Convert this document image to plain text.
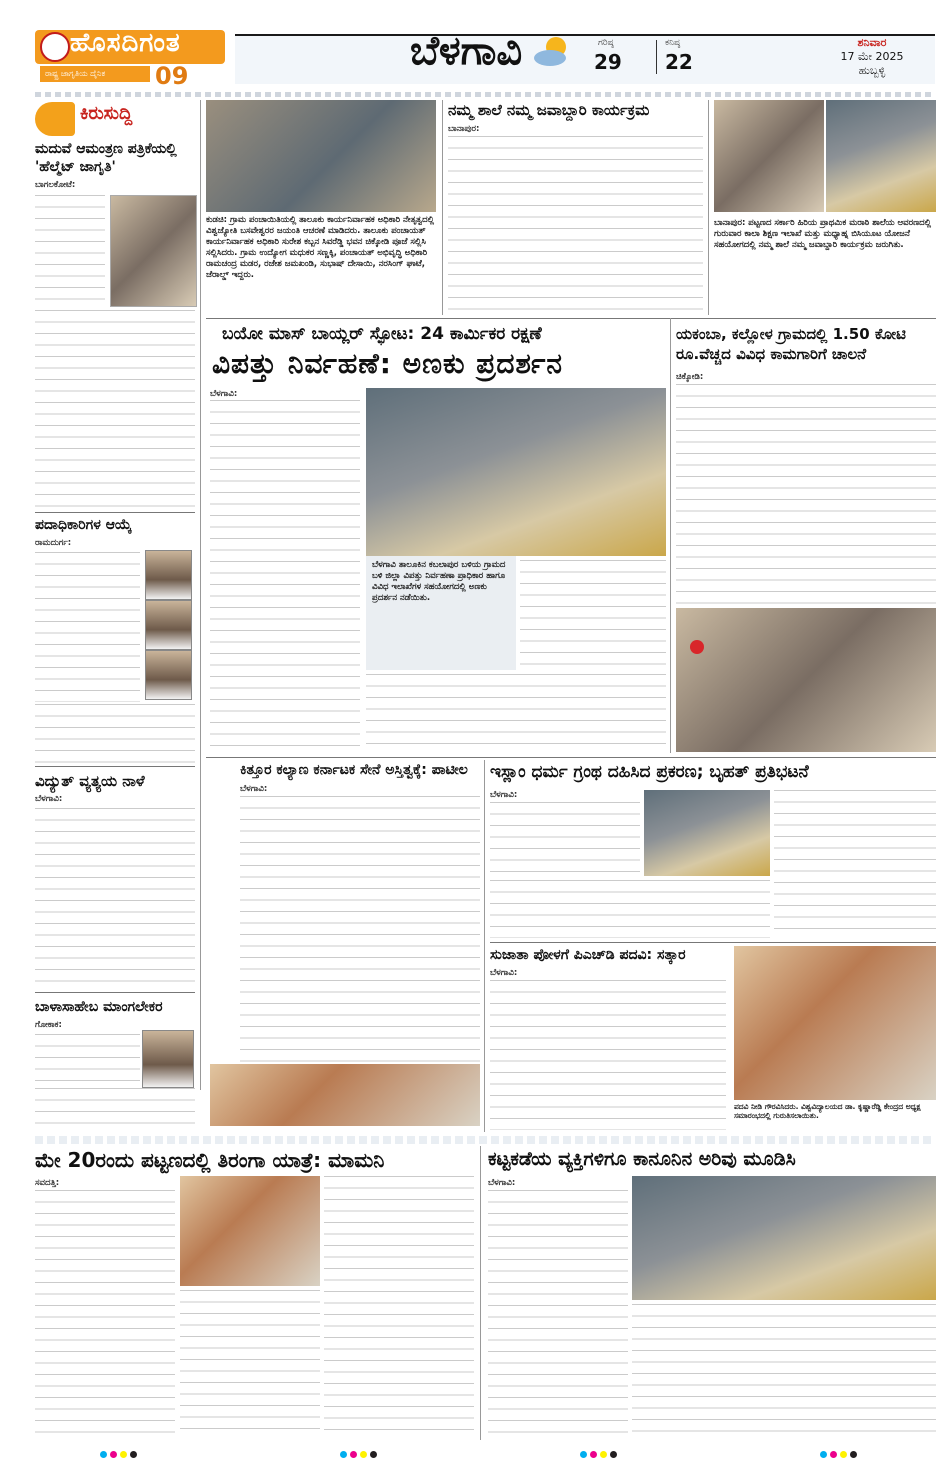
ಹೊಸದಿಗಂತ
ರಾಷ್ಟ್ರ ಜಾಗೃತಿಯ ದೈನಿಕ 09
ಬೆಳಗಾವಿ	ಗರಿಷ್ಠ
29
ಕನಿಷ್ಠ
22
ಶನಿವಾರ
17 ಮೇ 2025
ಹುಬ್ಬಳ್ಳಿ
ಕಿರುಸುದ್ದಿ
ಮದುವೆ ಆಮಂತ್ರಣ ಪತ್ರಿಕೆಯಲ್ಲಿ 'ಹೆಲ್ಮೆಟ್ ಜಾಗೃತಿ'
ಬಾಗಲಕೋಟೆ:
ಪದಾಧಿಕಾರಿಗಳ ಆಯ್ಕೆ
ರಾಮದುರ್ಗ:
ವಿದ್ಯುತ್ ವ್ಯತ್ಯಯ ನಾಳೆ
ಬೆಳಗಾವಿ:
ಬಾಳಾಸಾಹೇಬ ಮಾಂಗಲೇಕರ
ಗೋಕಾಕ:
ಕುಡಚಿ: ಗ್ರಾಮ ಪಂಚಾಯಿತಿಯಲ್ಲಿ ತಾಲೂಕು ಕಾರ್ಯನಿರ್ವಾಹಕ ಅಧಿಕಾರಿ ನೇತೃತ್ವದಲ್ಲಿ ವಿಶ್ವಜ್ಯೋತಿ ಬಸವೇಶ್ವರರ ಜಯಂತಿ ಆಚರಣೆ ಮಾಡಿದರು. ತಾಲೂಕು ಪಂಚಾಯತ್ ಕಾರ್ಯನಿರ್ವಾಹಕ ಅಧಿಕಾರಿ ಸುರೇಶ ಕಬ್ಬನ ಸಿವರೆಡ್ಡಿ ಭವನ ಚಿಕ್ಕೋಡಿ ಪೂಜೆ ಸಲ್ಲಿಸಿ ಸಲ್ಲಿಸಿದರು. ಗ್ರಾಮ ಉದ್ಯೋಗ ಮಧುಕರ ಸಣ್ಣಕ್ಕಿ, ಪಂಚಾಯತ್ ಅಭಿವೃದ್ಧಿ ಅಧಿಕಾರಿ ರಾಮಚಂದ್ರ ಮಡರ, ರಜೇಶ ಜಮಖಂಡಿ, ಸುಭಾಷ್ ದೇಸಾಯಿ, ನರಸಿಂಗ್ ಘಾಟೆ, ಜೆರಾಲ್ಡ್ ಇದ್ದರು.
ನಮ್ಮ ಶಾಲೆ ನಮ್ಮ ಜವಾಬ್ದಾರಿ ಕಾರ್ಯಕ್ರಮ
ಬಾನಾಪುರ:
ಬಾನಾಪುರ: ಪಟ್ಟಣದ ಸರ್ಕಾರಿ ಹಿರಿಯ ಪ್ರಾಥಮಿಕ ಮರಾಠಿ ಶಾಲೆಯ ಆವರಣದಲ್ಲಿ ಗುರುವಾರ ಕಾಲಾ ಶಿಕ್ಷಣ ಇಲಾಖೆ ಮತ್ತು ಮಧ್ಯಾಹ್ನ ಬಿಸಿಯೂಟ ಯೋಜನೆ ಸಹಯೋಗದಲ್ಲಿ ನಮ್ಮ ಶಾಲೆ ನಮ್ಮ ಜವಾಬ್ದಾರಿ ಕಾರ್ಯಕ್ರಮ ಜರುಗಿತು.
ಬಯೋ ಮಾಸ್ ಬಾಯ್ಲರ್ ಸ್ಫೋಟ: 24 ಕಾರ್ಮಿಕರ ರಕ್ಷಣೆ
ವಿಪತ್ತು ನಿರ್ವಹಣೆ: ಅಣಕು ಪ್ರದರ್ಶನ
ಬೆಳಗಾವಿ:
ಬೆಳಗಾವಿ ತಾಲೂಕಿನ ಕಬಲಾಪುರ ಬಳಿಯ ಗ್ರಾಮದ ಬಳಿ ಜಿಲ್ಲಾ ವಿಪತ್ತು ನಿರ್ವಹಣಾ ಪ್ರಾಧಿಕಾರ ಹಾಗೂ ವಿವಿಧ ಇಲಾಖೆಗಳ ಸಹಯೋಗದಲ್ಲಿ ಅಣಕು ಪ್ರದರ್ಶನ ನಡೆಯಿತು.
ಯಕಂಬಾ, ಕಲ್ಲೋಳ ಗ್ರಾಮದಲ್ಲಿ 1.50 ಕೋಟಿ ರೂ.ವೆಚ್ಚದ ವಿವಿಧ ಕಾಮಗಾರಿಗೆ ಚಾಲನೆ
ಚಿಕ್ಕೋಡಿ:
ಕಿತ್ತೂರ ಕಲ್ಯಾಣ ಕರ್ನಾಟಕ ಸೇನೆ ಅಸ್ತಿತ್ವಕ್ಕೆ: ಪಾಟೀಲ
ಬೆಳಗಾವಿ:
ಇಸ್ಲಾಂ ಧರ್ಮ ಗ್ರಂಥ ದಹಿಸಿದ ಪ್ರಕರಣ; ಬೃಹತ್ ಪ್ರತಿಭಟನೆ
ಬೆಳಗಾವಿ:
ಸುಜಾತಾ ಪೋಳಗೆ ಪಿಎಚ್‌ಡಿ ಪದವಿ: ಸತ್ಕಾರ
ಬೆಳಗಾವಿ:
ಪದವಿ ನೀಡಿ ಗೌರವಿಸಿದರು. ವಿಶ್ವವಿದ್ಯಾಲಯದ ಡಾ. ಕೃಷ್ಣಾರೆಡ್ಡಿ ಕೇಂದ್ರದ ಅಧ್ಯಕ್ಷ ಸಮಾರಂಭದಲ್ಲಿ ಗುರುತಿಸಲಾಯಿತು.
ಮೇ 20ರಂದು ಪಟ್ಟಣದಲ್ಲಿ ತಿರಂಗಾ ಯಾತ್ರೆ: ಮಾಮನಿ
ಸವದತ್ತಿ:
ಕಟ್ಟಕಡೆಯ ವ್ಯಕ್ತಿಗಳಿಗೂ ಕಾನೂನಿನ ಅರಿವು ಮೂಡಿಸಿ
ಬೆಳಗಾವಿ:
